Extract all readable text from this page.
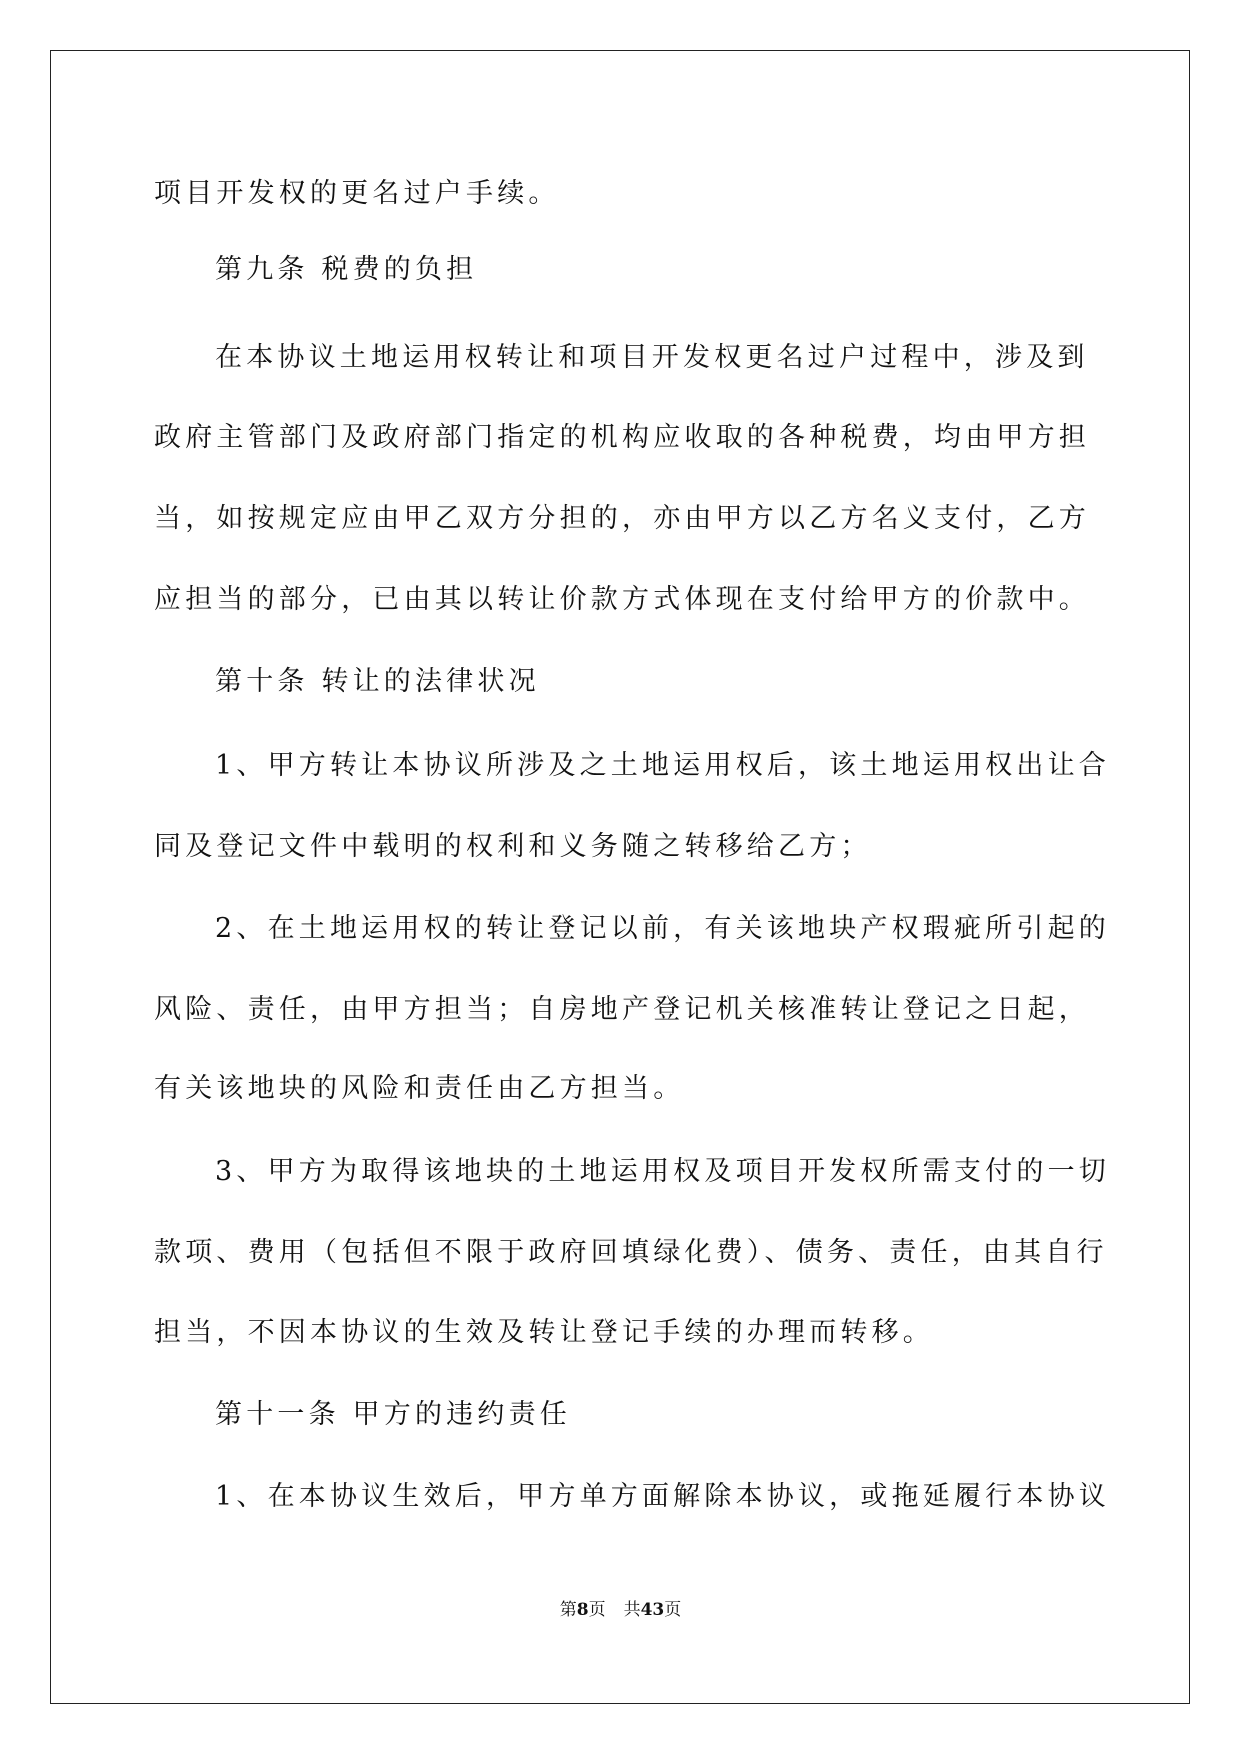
项目开发权的更名过户手续。
第九条 税费的负担
在本协议土地运用权转让和项目开发权更名过户过程中，涉及到
政府主管部门及政府部门指定的机构应收取的各种税费，均由甲方担
当，如按规定应由甲乙双方分担的，亦由甲方以乙方名义支付，乙方
应担当的部分，已由其以转让价款方式体现在支付给甲方的价款中。
第十条 转让的法律状况
1、甲方转让本协议所涉及之土地运用权后，该土地运用权出让合
同及登记文件中载明的权利和义务随之转移给乙方；
2、在土地运用权的转让登记以前，有关该地块产权瑕疵所引起的
风险、责任，由甲方担当；自房地产登记机关核准转让登记之日起，
有关该地块的风险和责任由乙方担当。
3、甲方为取得该地块的土地运用权及项目开发权所需支付的一切
款项、费用（包括但不限于政府回填绿化费）、债务、责任，由其自行
担当，不因本协议的生效及转让登记手续的办理而转移。
第十一条 甲方的违约责任
1、在本协议生效后，甲方单方面解除本协议，或拖延履行本协议
第8页 共43页
